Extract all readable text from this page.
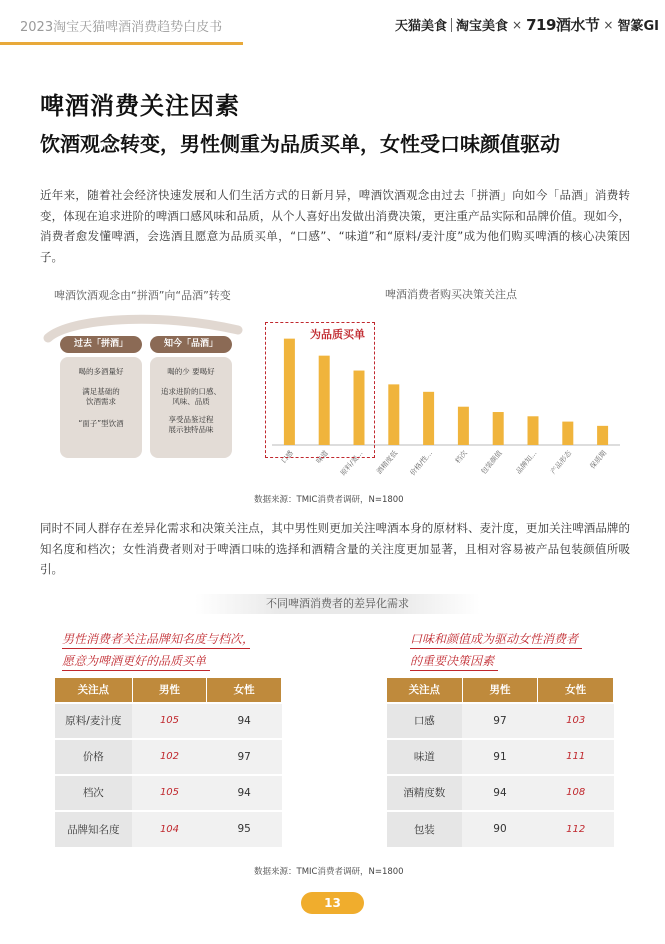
2023淘宝天猫啤酒消费趋势白皮书	天猫美食 淘宝美食 × 719酒水节 × 智篆GI
啤酒消费关注因素
饮酒观念转变，男性侧重为品质买单，女性受口味颜值驱动
近年来，随着社会经济快速发展和人们生活方式的日新月异，啤酒饮酒观念由过去「拼酒」向如今「品酒」消费转变，体现在追求进阶的啤酒口感风味和品质，从个人喜好出发做出消费决策，更注重产品实际和品牌价值。现如今，消费者愈发懂啤酒，会选酒且愿意为品质买单，“口感”、“味道”和“原料/麦汁度”成为他们购买啤酒的核心决策因子。
啤酒饮酒观念由“拼酒”向“品酒”转变
过去「拼酒」
喝的多酒量好
满足基础的
饮酒需求
“面子”型饮酒
知今「品酒」
喝的少 要喝好
追求进阶的口感、
风味、品质
享受品鉴过程
展示独特品味
啤酒消费者购买决策关注点
口感	味道 原料/麦... 酒精度低 价格/性...	档次 包装颜值 品牌知... 产品形态 保质期
为品质买单
数据来源：TMIC消费者调研，N=1800
同时不同人群存在差异化需求和决策关注点，其中男性则更加关注啤酒本身的原材料、麦汁度，更加关注啤酒品牌的知名度和档次；女性消费者则对于啤酒口味的选择和酒精含量的关注度更加显著，且相对容易被产品包装颜值所吸引。
不同啤酒消费者的差异化需求
男性消费者关注品牌知名度与档次，
愿意为啤酒更好的品质买单
口味和颜值成为驱动女性消费者
的重要决策因素
关注点	男性	女性
原料/麦汁度	105	94
价格	102	97
档次	105	94
品牌知名度	104	95
关注点	男性	女性
口感	97	103
味道	91	111
酒精度数	94	108
包装	90	112
数据来源：TMIC消费者调研，N=1800
13
